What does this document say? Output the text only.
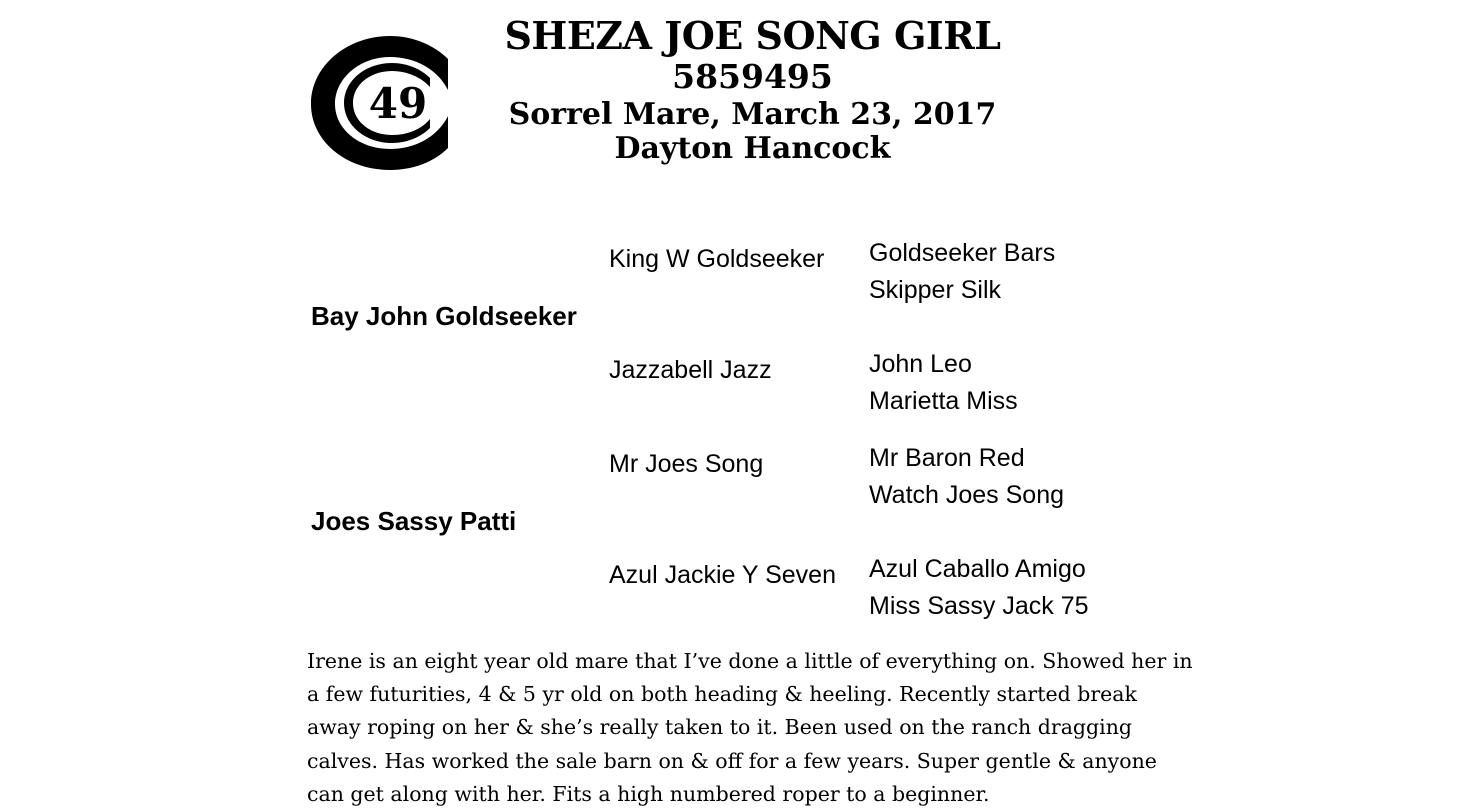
49
SHEZA JOE SONG GIRL
5859495
Sorrel Mare, March 23, 2017
Dayton Hancock
King W Goldseeker Goldseeker Bars
Skipper Silk
Bay John Goldseeker
Jazzabell Jazz	John Leo
Marietta Miss
Mr Joes Song	Mr Baron Red
Watch Joes Song
Joes Sassy Patti
Azul Jackie Y Seven Azul Caballo Amigo
Miss Sassy Jack 75
Irene is an eight year old mare that I’ve done a little of everything on. Showed her in a few futurities, 4 & 5 yr old on both heading & heeling. Recently started break away roping on her & she’s really taken to it. Been used on the ranch dragging calves. Has worked the sale barn on & off for a few years. Super gentle & anyone can get along with her. Fits a high numbered roper to a beginner.
